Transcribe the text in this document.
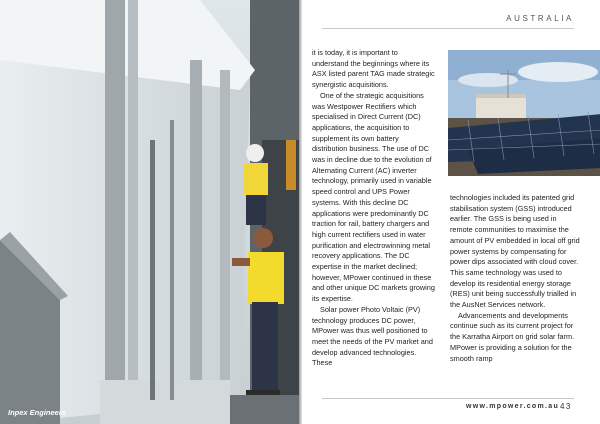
Inpex Engineers
AUSTRALIA

it is today, it is important to understand the beginnings where its ASX listed parent TAG made strategic synergistic acquisitions.

One of the strategic acquisitions was Westpower Rectifiers which specialised in Direct Current (DC) applications, the acquisition to supplement its own battery distribution business. The use of DC was in decline due to the evolution of Alternating Current (AC) inverter technology, primarily used in variable speed control and UPS Power systems. With this decline DC applications were predominantly DC traction for rail, battery chargers and high current rectifiers used in water purification and electrowinning metal recovery applications. The DC expertise in the market declined; however, MPower continued in these and other unique DC markets growing its expertise.

Solar power Photo Voltaic (PV) technology produces DC power, MPower was thus well positioned to meet the needs of the PV market and develop advanced technologies. These

technologies included its patented grid stabilisation system (GSS) introduced earlier. The GSS is being used in remote communities to maximise the amount of PV embedded in local off grid power systems by compensating for power dips associated with cloud cover. This same technology was used to develop its residential energy storage (RES) unit being successfully trialled in the AusNet Services network.

Advancements and developments continue such as its current project for the Karratha Airport on grid solar farm. MPower is providing a solution for the smooth ramp

www.mpower.com.au 43
